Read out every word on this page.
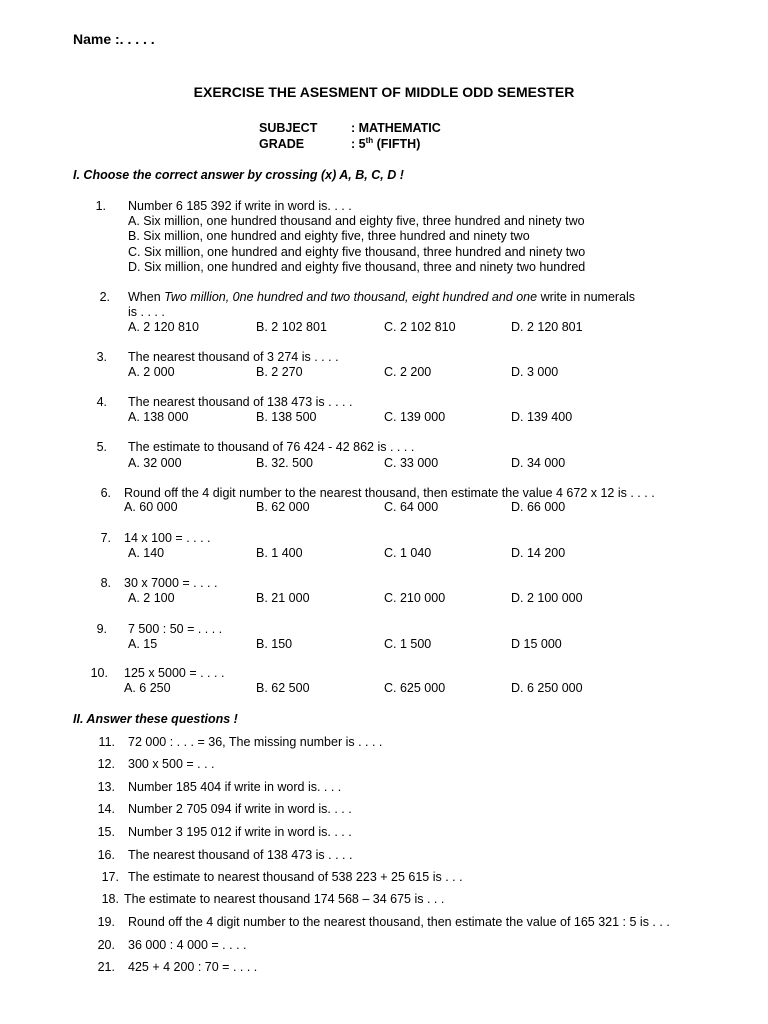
Name :. . . . .
EXERCISE THE ASESMENT OF MIDDLE ODD SEMESTER
SUBJECT	: MATHEMATIC
GRADE	: 5th (FIFTH)
I. Choose the correct answer by crossing (x) A, B, C, D !
1. Number 6 185 392 if write in word is. . . .
A. Six million, one hundred thousand and eighty five, three hundred and ninety two
B. Six million, one hundred and eighty five, three hundred and ninety two
C. Six million, one hundred and eighty five thousand, three hundred and ninety two
D. Six million, one hundred and eighty five thousand, three and ninety two hundred
2. When Two million, 0ne hundred and two thousand, eight hundred and one write in numerals
is . . . .
A. 2 120 810	B. 2 102 801	C. 2 102 810	D. 2 120 801
3. The nearest thousand of 3 274 is . . . .
A. 2 000	B. 2 270	C. 2 200	D. 3 000
4. The nearest thousand of 138 473 is . . . .
A. 138 000	B. 138 500	C. 139 000	D. 139 400
5. The estimate to thousand of 76 424 - 42 862 is . . . .
A. 32 000	B. 32. 500	C. 33 000	D. 34 000
6. Round off the 4 digit number to the nearest thousand, then estimate the value 4 672 x 12 is . . . .
A. 60 000	B. 62 000	C. 64 000	D. 66 000
7. 14 x 100 = . . . .
A. 140	B. 1 400	C. 1 040	D. 14 200
8. 30 x 7000 = . . . .
A. 2 100	B. 21 000	C. 210 000	D. 2 100 000
9. 7 500 : 50 = . . . .
A. 15	B. 150	C. 1 500	D 15 000
10. 125 x 5000 = . . . .
A. 6 250	B. 62 500	C. 625 000	D. 6 250 000
II. Answer these questions !
11. 72 000 : . . . = 36, The missing number is . . . .
12. 300 x 500 = . . .
13. Number 185 404 if write in word is. . . .
14. Number 2 705 094 if write in word is. . . .
15. Number 3 195 012 if write in word is. . . .
16. The nearest thousand of 138 473 is . . . .
17. The estimate to nearest thousand of 538 223 + 25 615 is . . .
18. The estimate to nearest thousand 174 568 – 34 675 is . . .
19. Round off the 4 digit number to the nearest thousand, then estimate the value of 165 321 : 5 is . . .
20. 36 000 : 4 000 = . . . .
21. 425 + 4 200 : 70 = . . . .
